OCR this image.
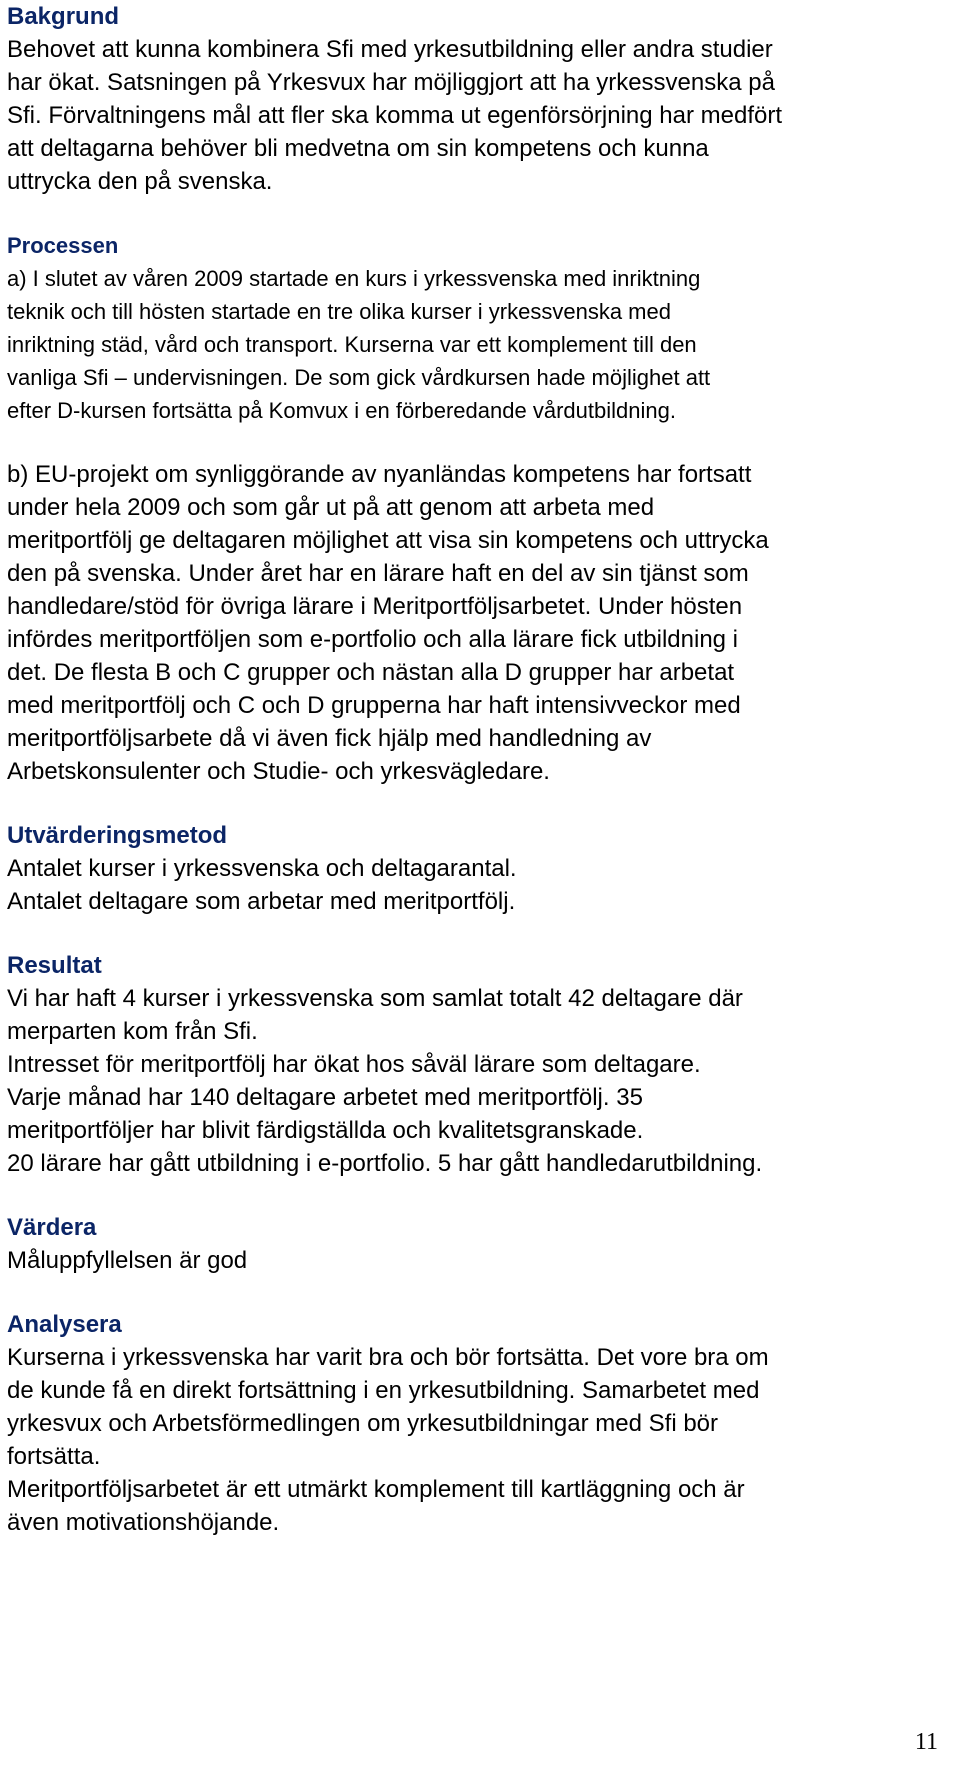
Bakgrund

Behovet att kunna kombinera Sfi med yrkesutbildning eller andra studier

har ökat. Satsningen på Yrkesvux har möjliggjort att ha yrkessvenska på

Sfi. Förvaltningens mål att fler ska komma ut egenförsörjning har medfört

att deltagarna behöver bli medvetna om sin kompetens och kunna

uttrycka den på svenska.

Processen

a) I slutet av våren 2009 startade en kurs i yrkessvenska med inriktning

teknik och till hösten startade en tre olika kurser i yrkessvenska med

inriktning städ, vård och transport. Kurserna var ett komplement till den

vanliga Sfi – undervisningen. De som gick vårdkursen hade möjlighet att

efter D-kursen fortsätta på Komvux i en förberedande vårdutbildning.

b) EU-projekt om synliggörande av nyanländas kompetens har fortsatt

under hela 2009 och som går ut på att genom att arbeta med

meritportfölj ge deltagaren möjlighet att visa sin kompetens och uttrycka

den på svenska. Under året har en lärare haft en del av sin tjänst som

handledare/stöd för övriga lärare i Meritportföljsarbetet. Under hösten

infördes meritportföljen som e-portfolio och alla lärare fick utbildning i

det. De flesta B och C grupper och nästan alla D grupper har arbetat

med meritportfölj och C och D grupperna har haft intensivveckor med

meritportföljsarbete då vi även fick hjälp med handledning av

Arbetskonsulenter och Studie- och yrkesvägledare.

Utvärderingsmetod

Antalet kurser i yrkessvenska och deltagarantal.

Antalet deltagare som arbetar med meritportfölj.

Resultat

Vi har haft 4 kurser i yrkessvenska som samlat totalt 42 deltagare där

merparten kom från Sfi.

Intresset för meritportfölj har ökat hos såväl lärare som deltagare.

Varje månad har 140 deltagare arbetet med meritportfölj. 35

meritportföljer har blivit färdigställda och kvalitetsgranskade.

20 lärare har gått utbildning i e-portfolio. 5 har gått handledarutbildning.

Värdera

Måluppfyllelsen är god

Analysera

Kurserna i yrkessvenska har varit bra och bör fortsätta. Det vore bra om

de kunde få en direkt fortsättning i en yrkesutbildning. Samarbetet med

yrkesvux och Arbetsförmedlingen om yrkesutbildningar med Sfi bör

fortsätta.

Meritportföljsarbetet är ett utmärkt komplement till kartläggning och är

även motivationshöjande.

11
